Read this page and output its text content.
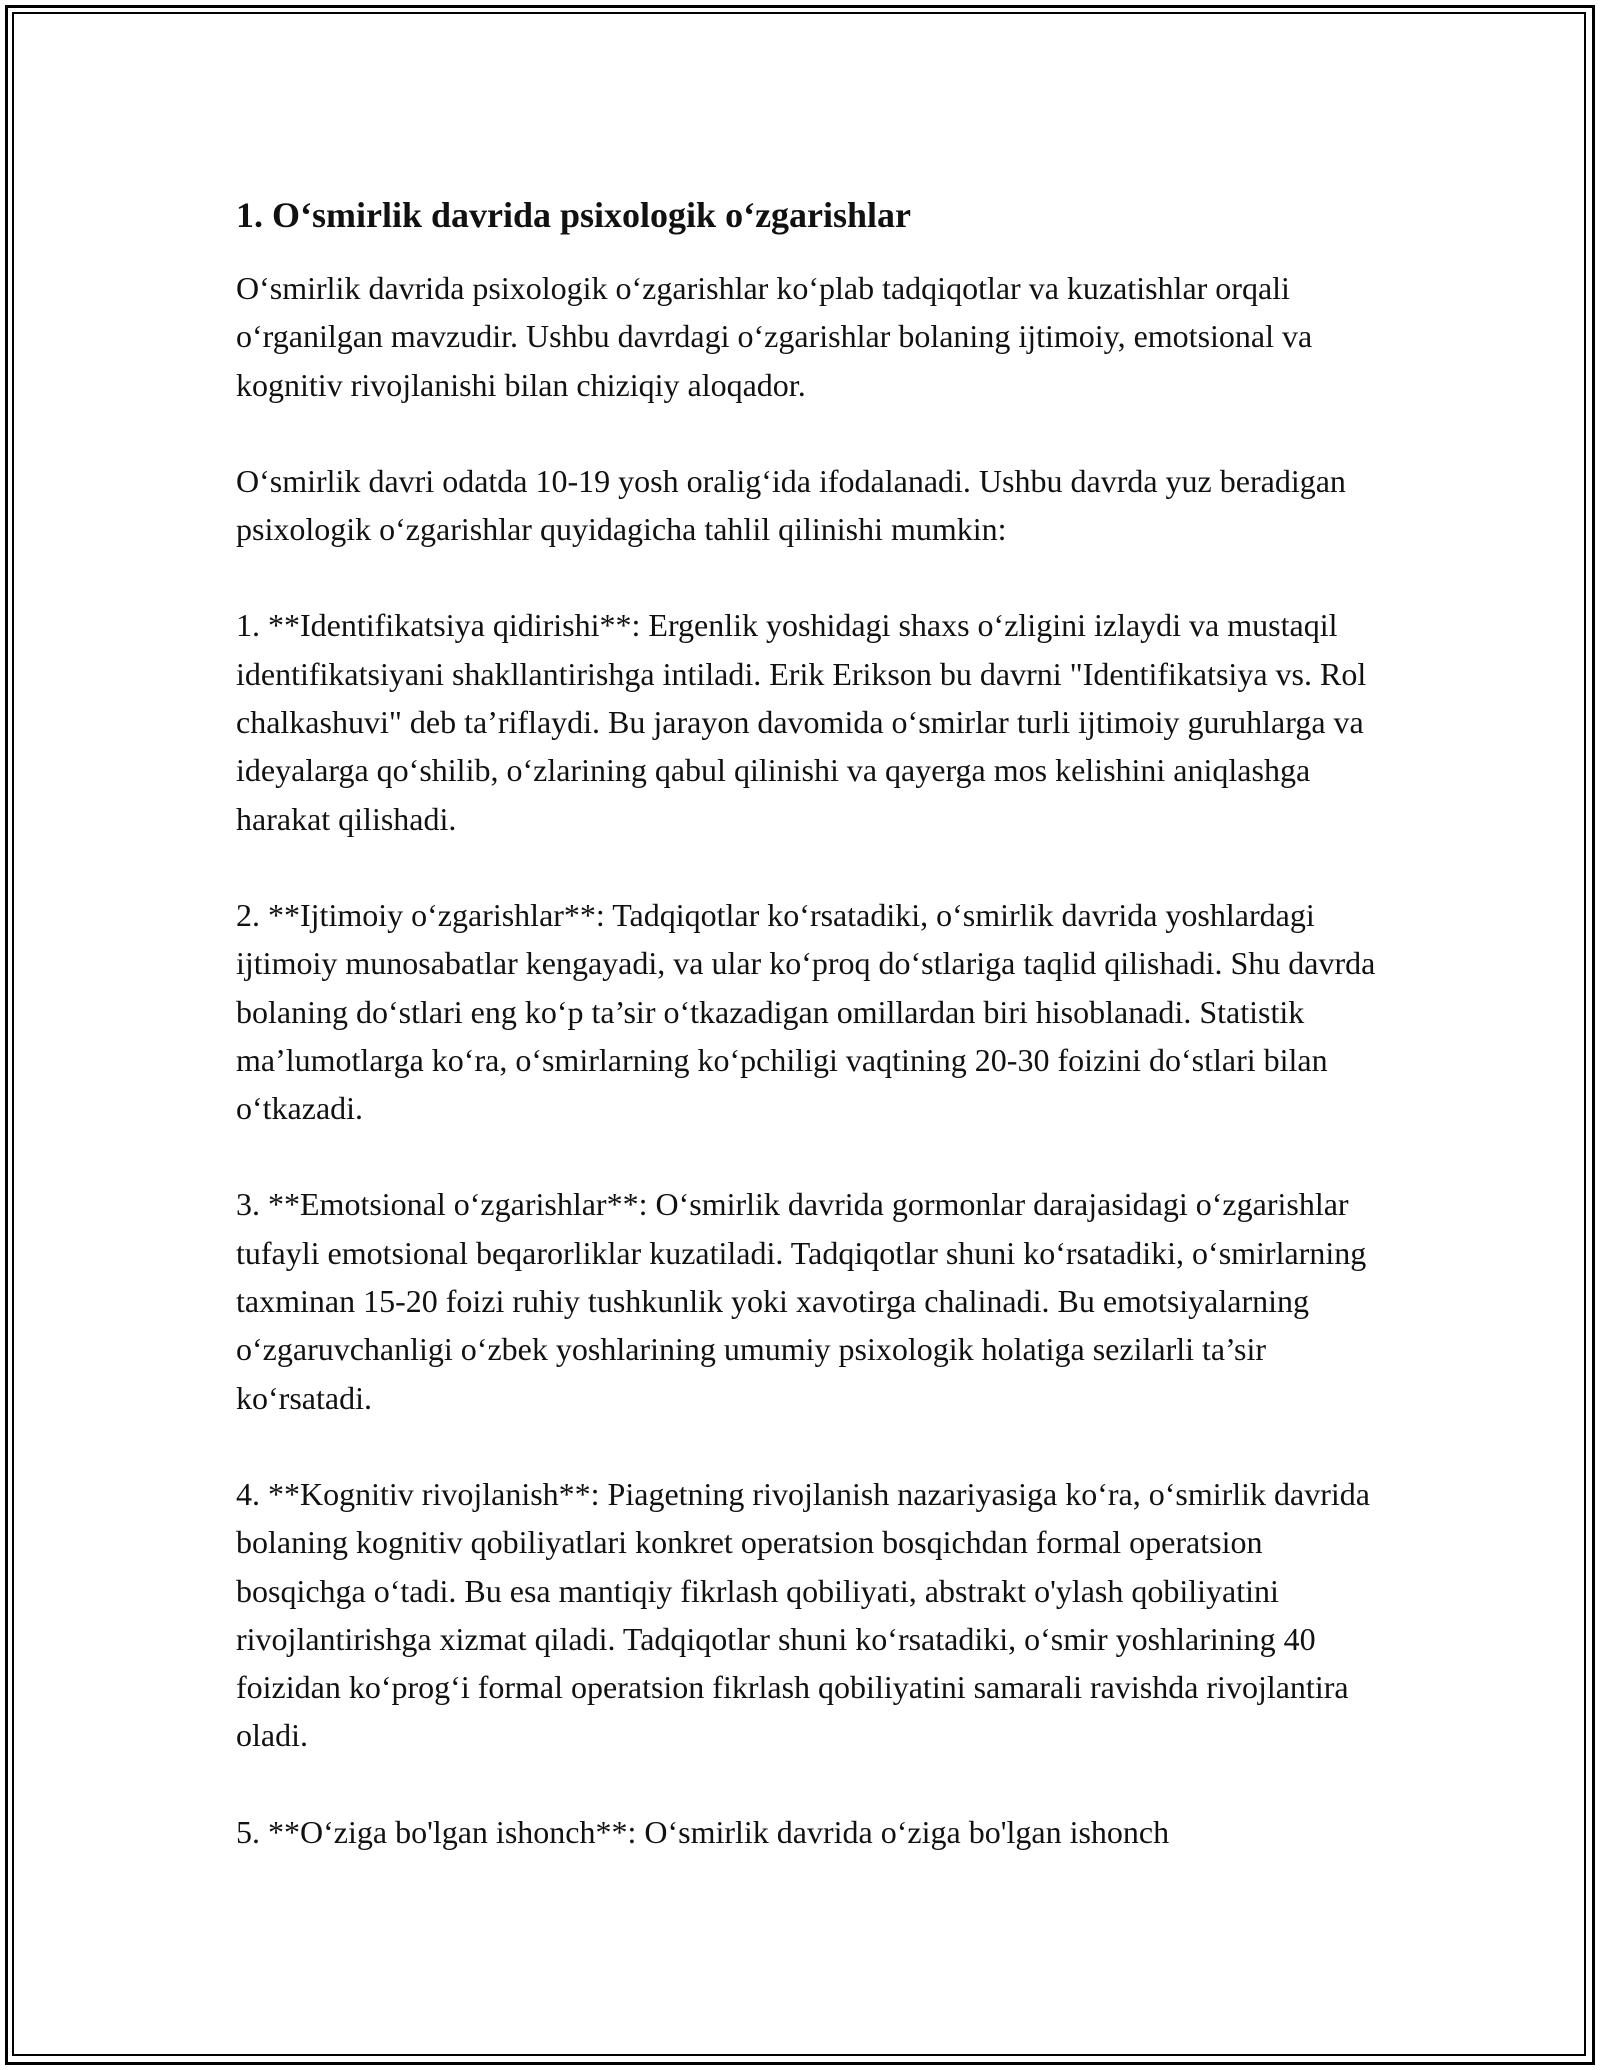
1. O‘smirlik davrida psixologik o‘zgarishlar

O‘smirlik davrida psixologik o‘zgarishlar ko‘plab tadqiqotlar va kuzatishlar orqali o‘rganilgan mavzudir. Ushbu davrdagi o‘zgarishlar bolaning ijtimoiy, emotsional va kognitiv rivojlanishi bilan chiziqiy aloqador.

O‘smirlik davri odatda 10-19 yosh oralig‘ida ifodalanadi. Ushbu davrda yuz beradigan psixologik o‘zgarishlar quyidagicha tahlil qilinishi mumkin:

1. **Identifikatsiya qidirishi**: Ergenlik yoshidagi shaxs o‘zligini izlaydi va mustaqil identifikatsiyani shakllantirishga intiladi. Erik Erikson bu davrni "Identifikatsiya vs. Rol chalkashuvi" deb ta’riflaydi. Bu jarayon davomida o‘smirlar turli ijtimoiy guruhlarga va ideyalarga qo‘shilib, o‘zlarining qabul qilinishi va qayerga mos kelishini aniqlashga harakat qilishadi.

2. **Ijtimoiy o‘zgarishlar**: Tadqiqotlar ko‘rsatadiki, o‘smirlik davrida yoshlardagi ijtimoiy munosabatlar kengayadi, va ular ko‘proq do‘stlariga taqlid qilishadi. Shu davrda bolaning do‘stlari eng ko‘p ta’sir o‘tkazadigan omillardan biri hisoblanadi. Statistik ma’lumotlarga ko‘ra, o‘smirlarning ko‘pchiligi vaqtining 20-30 foizini do‘stlari bilan o‘tkazadi.

3. **Emotsional o‘zgarishlar**: O‘smirlik davrida gormonlar darajasidagi o‘zgarishlar tufayli emotsional beqarorliklar kuzatiladi. Tadqiqotlar shuni ko‘rsatadiki, o‘smirlarning taxminan 15-20 foizi ruhiy tushkunlik yoki xavotirga chalinadi. Bu emotsiyalarning o‘zgaruvchanligi o‘zbek yoshlarining umumiy psixologik holatiga sezilarli ta’sir ko‘rsatadi.

4. **Kognitiv rivojlanish**: Piagetning rivojlanish nazariyasiga ko‘ra, o‘smirlik davrida bolaning kognitiv qobiliyatlari konkret operatsion bosqichdan formal operatsion bosqichga o‘tadi. Bu esa mantiqiy fikrlash qobiliyati, abstrakt o'ylash qobiliyatini rivojlantirishga xizmat qiladi. Tadqiqotlar shuni ko‘rsatadiki, o‘smir yoshlarining 40 foizidan ko‘prog‘i formal operatsion fikrlash qobiliyatini samarali ravishda rivojlantira oladi.

5. **O‘ziga bo'lgan ishonch**: O‘smirlik davrida o‘ziga bo'lgan ishonch
